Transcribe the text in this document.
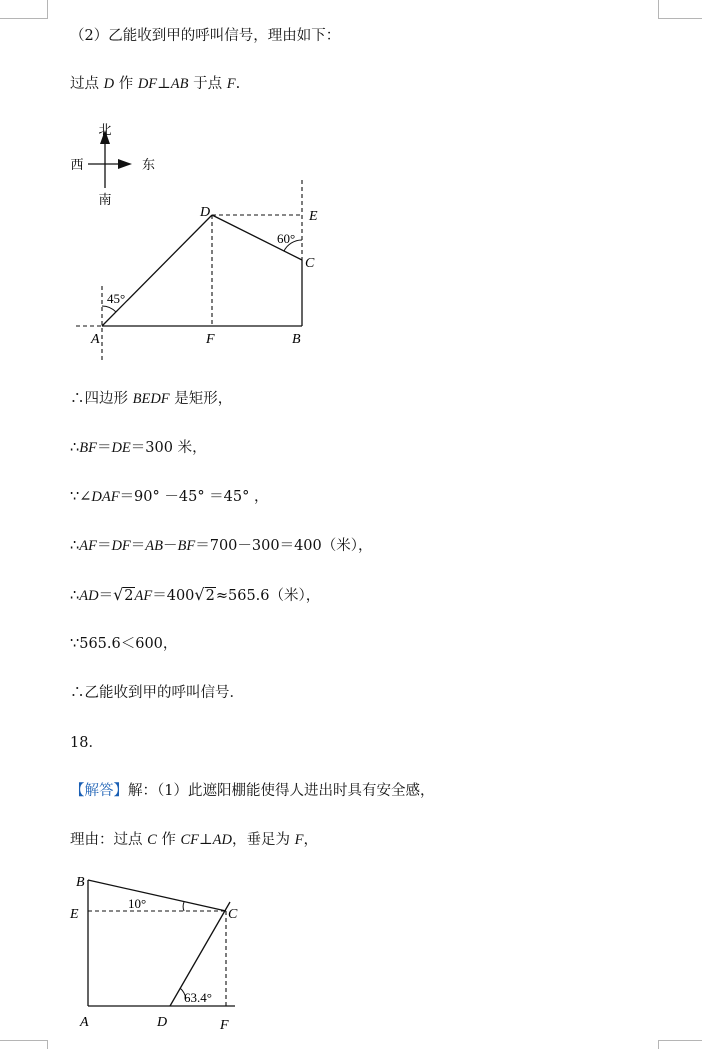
（2）乙能收到甲的呼叫信号，理由如下：
过点 D 作 DF⊥AB 于点 F.
北
南
西	东
45°
60°
A	F	B
D	E
C
∴四边形 BEDF 是矩形，
∴BF＝DE＝300 米，
∵∠DAF＝90° －45° ＝45° ，
∴AF＝DF＝AB－BF＝700－300＝400（米），
∴AD＝√2AF＝400√2≈565.6（米），
∵565.6＜600，
∴乙能收到甲的呼叫信号．
18．
【解答】解：（1）此遮阳棚能使得人进出时具有安全感，
理由：过点 C 作 CF⊥AD，垂足为 F，
10°
63.4°
B
E	C
A	D	F
